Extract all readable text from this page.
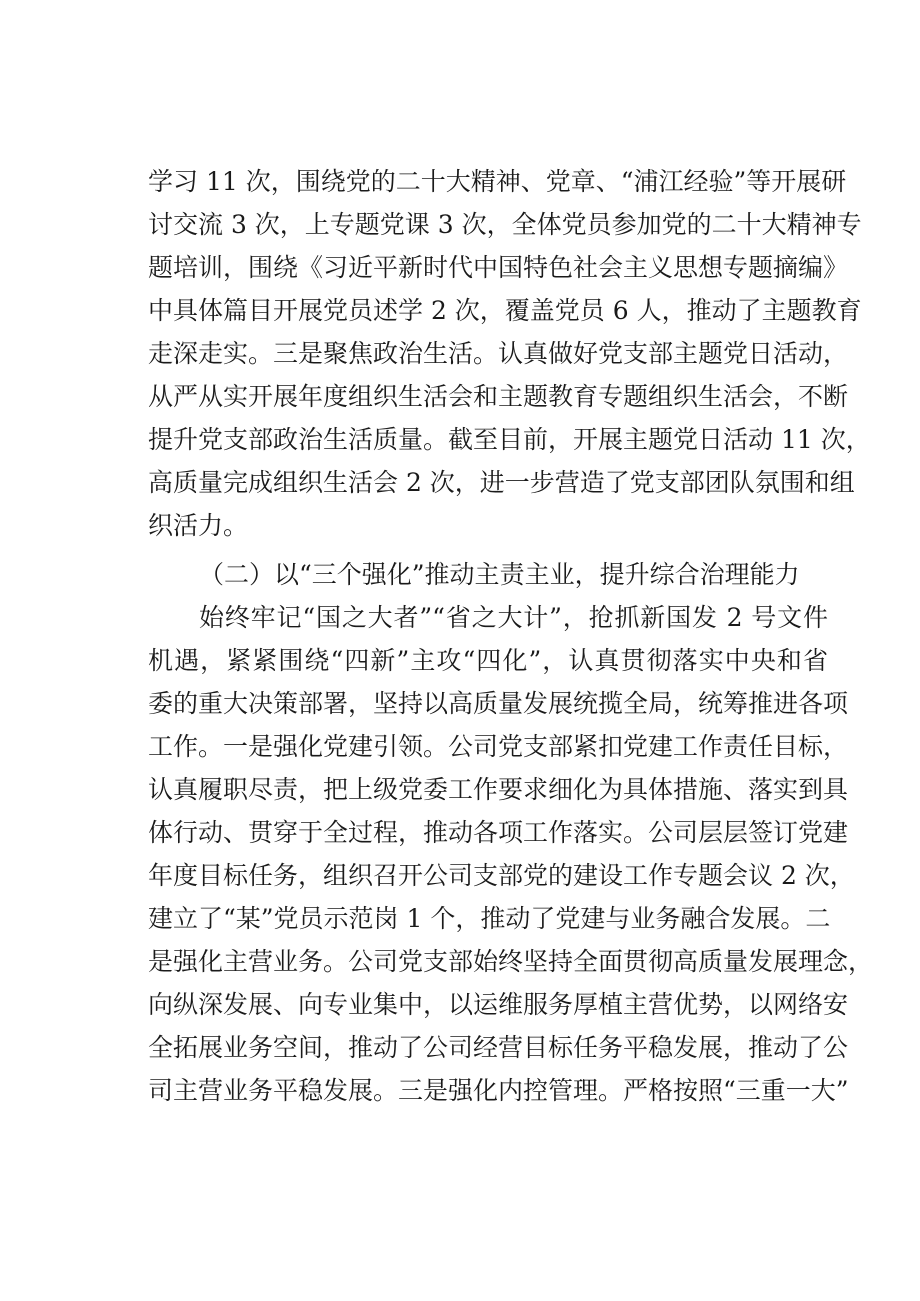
学习 11 次，围绕党的二十大精神、党章、“浦江经验”等开展研
讨交流 3 次，上专题党课 3 次，全体党员参加党的二十大精神专
题培训，围绕《习近平新时代中国特色社会主义思想专题摘编》
中具体篇目开展党员述学 2 次，覆盖党员 6 人，推动了主题教育
走深走实。三是聚焦政治生活。认真做好党支部主题党日活动，
从严从实开展年度组织生活会和主题教育专题组织生活会，不断
提升党支部政治生活质量。截至目前，开展主题党日活动 11 次，
高质量完成组织生活会 2 次，进一步营造了党支部团队氛围和组
织活力。
（二）以“三个强化”推动主责主业，提升综合治理能力
始终牢记“国之大者”“省之大计”，抢抓新国发 2 号文件
机遇，紧紧围绕“四新”主攻“四化”，认真贯彻落实中央和省
委的重大决策部署，坚持以高质量发展统揽全局，统筹推进各项
工作。一是强化党建引领。公司党支部紧扣党建工作责任目标，
认真履职尽责，把上级党委工作要求细化为具体措施、落实到具
体行动、贯穿于全过程，推动各项工作落实。公司层层签订党建
年度目标任务，组织召开公司支部党的建设工作专题会议 2 次，
建立了“某”党员示范岗 1 个，推动了党建与业务融合发展。二
是强化主营业务。公司党支部始终坚持全面贯彻高质量发展理念，
向纵深发展、向专业集中，以运维服务厚植主营优势，以网络安
全拓展业务空间，推动了公司经营目标任务平稳发展，推动了公
司主营业务平稳发展。三是强化内控管理。严格按照“三重一大”
